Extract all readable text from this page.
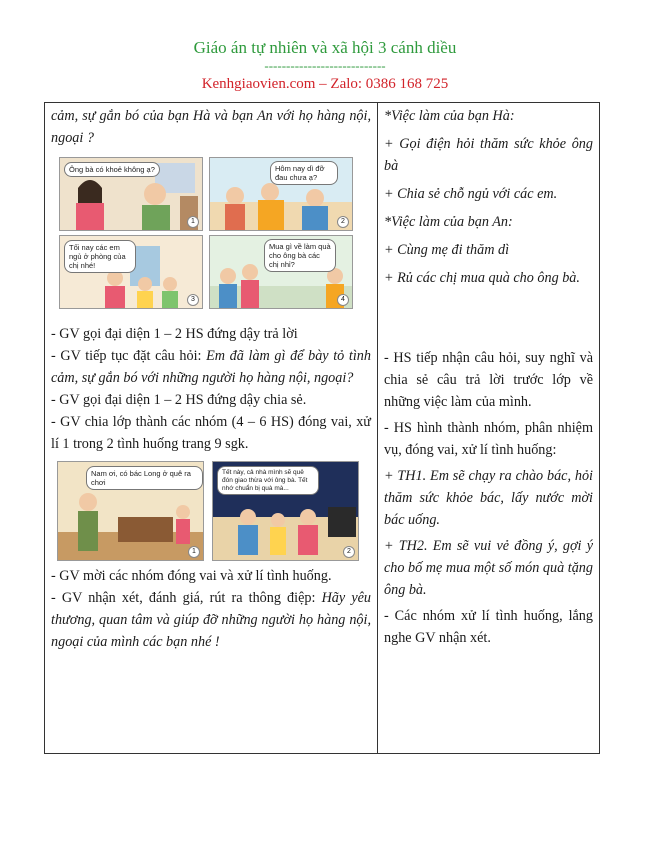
Giáo án tự nhiên và xã hội 3 cánh diều
----------------------------
Kenhgiaovien.com – Zalo: 0386 168 725

cảm, sự gắn bó của bạn Hà và bạn An với họ hàng nội, ngoại ?

Ông bà có khoẻ không ạ?
1
Hôm nay dì đỡ đau chưa ạ?
2
Tối nay các em ngủ ở phòng của chị nhé!
3
Mua gì về làm quà cho ông bà các chị nhỉ?
4

- GV gọi đại diện 1 – 2 HS đứng dậy trả lời

- GV tiếp tục đặt câu hỏi: Em đã làm gì để bày tỏ tình cảm, sự gắn bó với những người họ hàng nội, ngoại?

- GV gọi đại diện 1 – 2 HS đứng dậy chia sẻ.

- GV chia lớp thành các nhóm (4 – 6 HS) đóng vai, xử lí 1 trong 2 tình huống trang 9 sgk.

Nam ơi, có bác Long ở quê ra chơi
1
Tết này, cả nhà mình sẽ quê đón giao thừa với ông bà. Tết nhớ chuẩn bị quà mà...
2

- GV mời các nhóm đóng vai và xử lí tình huống.

- GV nhận xét, đánh giá, rút ra thông điệp: Hãy yêu thương, quan tâm và giúp đỡ những người họ hàng nội, ngoại của mình các bạn nhé !

*Việc làm của bạn Hà:

+ Gọi điện hỏi thăm sức khỏe ông bà

+ Chia sẻ chỗ ngủ với các em.

*Việc làm của bạn An:

+ Cùng mẹ đi thăm dì

+ Rủ các chị mua quà cho ông bà.

- HS tiếp nhận câu hỏi, suy nghĩ và chia sẻ câu trả lời trước lớp về những việc làm của mình.

- HS hình thành nhóm, phân nhiệm vụ, đóng vai, xử lí tình huống:

+ TH1. Em sẽ chạy ra chào bác, hỏi thăm sức khỏe bác, lấy nước mời bác uống.

+ TH2. Em sẽ vui vẻ đồng ý, gợi ý cho bố mẹ mua một số món quà tặng ông bà.

- Các nhóm xử lí tình huống, lắng nghe GV nhận xét.
